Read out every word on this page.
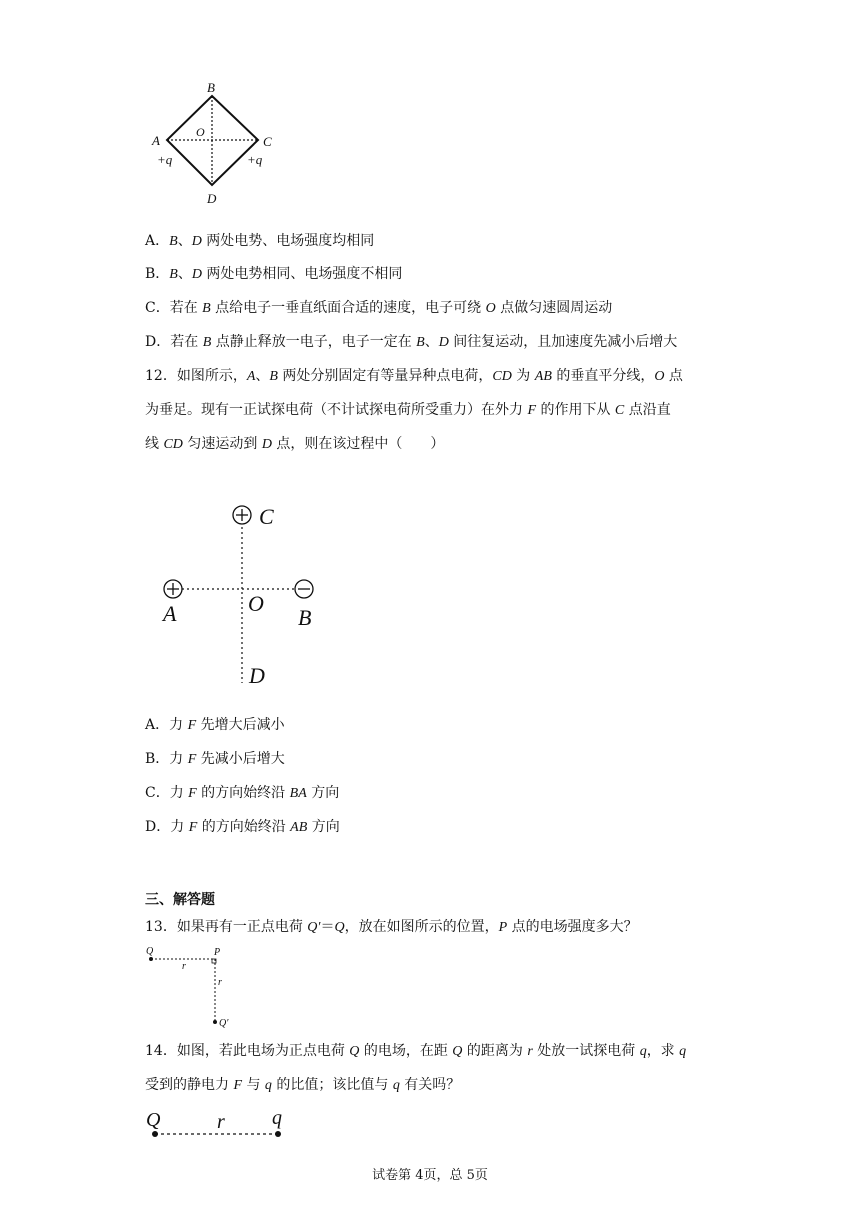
B
A
O
C
D
+q	+q
A．B、D 两处电势、电场强度均相同
B．B、D 两处电势相同、电场强度不相同
C．若在 B 点给电子一垂直纸面合适的速度，电子可绕 O 点做匀速圆周运动
D．若在 B 点静止释放一电子，电子一定在 B、D 间往复运动，且加速度先减小后增大
12．如图所示，A、B 两处分别固定有等量异种点电荷，CD 为 AB 的垂直平分线，O 点
为垂足。现有一正试探电荷（不计试探电荷所受重力）在外力 F 的作用下从 C 点沿直
线 CD 匀速运动到 D 点，则在该过程中（　　）
C
A	O
B
D
A．力 F 先增大后减小
B．力 F 先减小后增大
C．力 F 的方向始终沿 BA 方向
D．力 F 的方向始终沿 AB 方向
三、解答题
13．如果再有一正点电荷 Q′＝Q，放在如图所示的位置，P 点的电场强度多大？
Q	P
r
r
Q′
14．如图，若此电场为正点电荷 Q 的电场，在距 Q 的距离为 r 处放一试探电荷 q，求 q
受到的静电力 F 与 q 的比值；该比值与 q 有关吗？
Q	r q
试卷第 4页，总 5页
